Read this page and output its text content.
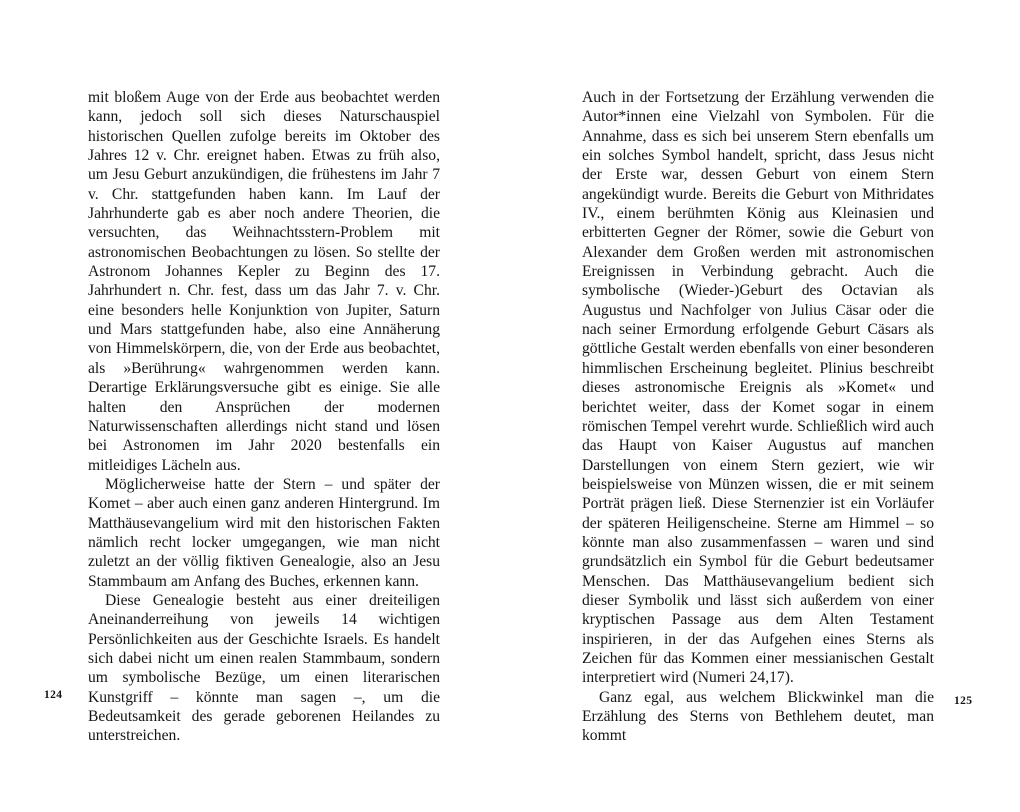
mit bloßem Auge von der Erde aus beobachtet werden kann, jedoch soll sich dieses Naturschauspiel historischen Quellen zufolge bereits im Oktober des Jahres 12 v. Chr. ereignet haben. Etwas zu früh also, um Jesu Geburt anzukündigen, die frühestens im Jahr 7 v. Chr. stattgefunden haben kann. Im Lauf der Jahrhunderte gab es aber noch andere Theorien, die versuchten, das Weihnachtsstern-Problem mit astronomischen Beobachtungen zu lösen. So stellte der Astronom Johannes Kepler zu Beginn des 17. Jahrhundert n. Chr. fest, dass um das Jahr 7. v. Chr. eine besonders helle Konjunktion von Jupiter, Saturn und Mars stattgefunden habe, also eine Annäherung von Himmelskörpern, die, von der Erde aus beobachtet, als »Berührung« wahrgenommen werden kann. Derartige Erklärungsversuche gibt es einige. Sie alle halten den Ansprüchen der modernen Naturwissenschaften allerdings nicht stand und lösen bei Astronomen im Jahr 2020 bestenfalls ein mitleidiges Lächeln aus.

Möglicherweise hatte der Stern – und später der Komet – aber auch einen ganz anderen Hintergrund. Im Matthäusevangelium wird mit den historischen Fakten nämlich recht locker umgegangen, wie man nicht zuletzt an der völlig fiktiven Genealogie, also an Jesu Stammbaum am Anfang des Buches, erkennen kann.

Diese Genealogie besteht aus einer dreiteiligen Aneinanderreihung von jeweils 14 wichtigen Persönlichkeiten aus der Geschichte Israels. Es handelt sich dabei nicht um einen realen Stammbaum, sondern um symbolische Bezüge, um einen literarischen Kunstgriff – könnte man sagen –, um die Bedeutsamkeit des gerade geborenen Heilandes zu unterstreichen.

Auch in der Fortsetzung der Erzählung verwenden die Autor*innen eine Vielzahl von Symbolen. Für die Annahme, dass es sich bei unserem Stern ebenfalls um ein solches Symbol handelt, spricht, dass Jesus nicht der Erste war, dessen Geburt von einem Stern angekündigt wurde. Bereits die Geburt von Mithridates IV., einem berühmten König aus Kleinasien und erbitterten Gegner der Römer, sowie die Geburt von Alexander dem Großen werden mit astronomischen Ereignissen in Verbindung gebracht. Auch die symbolische (Wieder-)Geburt des Octavian als Augustus und Nachfolger von Julius Cäsar oder die nach seiner Ermordung erfolgende Geburt Cäsars als göttliche Gestalt werden ebenfalls von einer besonderen himmlischen Erscheinung begleitet. Plinius beschreibt dieses astronomische Ereignis als »Komet« und berichtet weiter, dass der Komet sogar in einem römischen Tempel verehrt wurde. Schließlich wird auch das Haupt von Kaiser Augustus auf manchen Darstellungen von einem Stern geziert, wie wir beispielsweise von Münzen wissen, die er mit seinem Porträt prägen ließ. Diese Sternenzier ist ein Vorläufer der späteren Heiligenscheine. Sterne am Himmel – so könnte man also zusammenfassen – waren und sind grundsätzlich ein Symbol für die Geburt bedeutsamer Menschen. Das Matthäusevangelium bedient sich dieser Symbolik und lässt sich außerdem von einer kryptischen Passage aus dem Alten Testament inspirieren, in der das Aufgehen eines Sterns als Zeichen für das Kommen einer messianischen Gestalt interpretiert wird (Numeri 24,17).

Ganz egal, aus welchem Blickwinkel man die Erzählung des Sterns von Bethlehem deutet, man kommt

124	125
